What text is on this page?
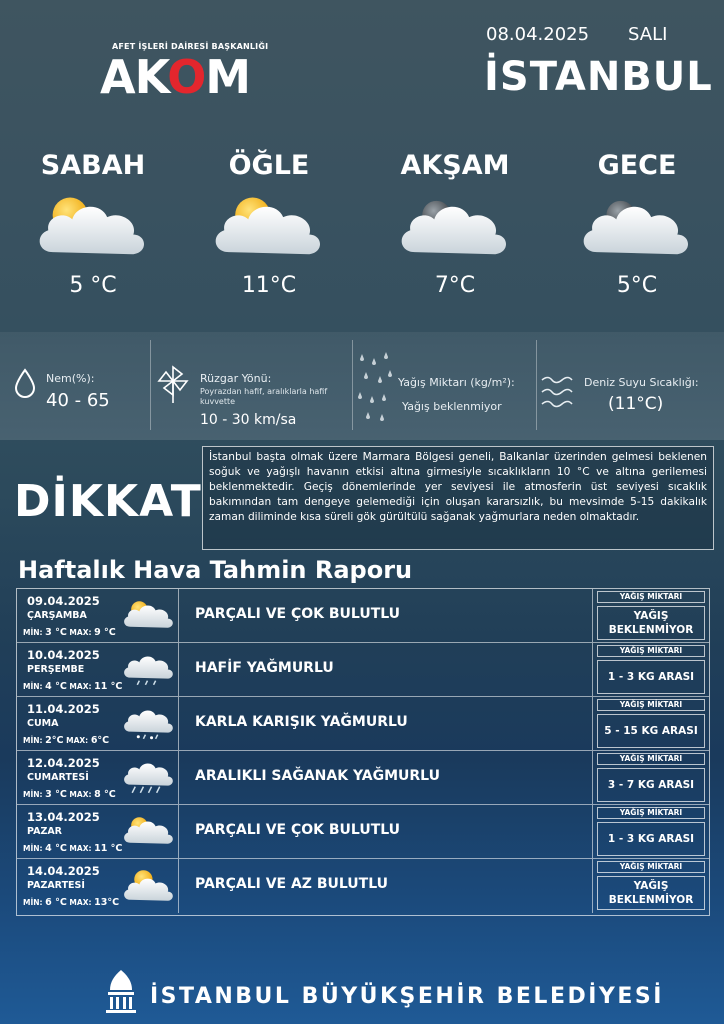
AFET İŞLERİ DAİRESİ BAŞKANLIĞI
AKOM
08.04.2025 SALI
İSTANBUL
SABAH
5 °C
ÖĞLE
11°C
AKŞAM
7°C
GECE
5°C
Nem(%):
40 - 65
Rüzgar Yönü:
Poyrazdan hafif, aralıklarla hafif kuvvette
10 - 30 km/sa
Yağış Miktarı (kg/m²):
Yağış beklenmiyor
Deniz Suyu Sıcaklığı:
(11°C)
DİKKAT
İstanbul başta olmak üzere Marmara Bölgesi geneli, Balkanlar üzerinden gelmesi beklenen soğuk ve yağışlı havanın etkisi altına girmesiyle sıcaklıkların 10 °C ve altına gerilemesi beklenmektedir. Geçiş dönemlerinde yer seviyesi ile atmosferin üst seviyesi sıcaklık bakımından tam dengeye gelemediği için oluşan kararsızlık, bu mevsimde 5-15 dakikalık zaman diliminde kısa süreli gök gürültülü sağanak yağmurlara neden olmaktadır.
Haftalık Hava Tahmin Raporu
09.04.2025
ÇARŞAMBA
MİN: 3 °C MAX: 9 °C
PARÇALI VE ÇOK BULUTLU
YAĞIŞ MİKTARI
YAĞIŞ
BEKLENMİYOR
10.04.2025
PERŞEMBE
MİN: 4 °C MAX: 11 °C
HAFİF YAĞMURLU
YAĞIŞ MİKTARI
1 - 3 KG ARASI
11.04.2025
CUMA
MİN: 2°C MAX: 6°C
KARLA KARIŞIK YAĞMURLU
YAĞIŞ MİKTARI
5 - 15 KG ARASI
12.04.2025
CUMARTESİ
MİN: 3 °C MAX: 8 °C
ARALIKLI SAĞANAK YAĞMURLU
YAĞIŞ MİKTARI
3 - 7 KG ARASI
13.04.2025
PAZAR
MİN: 4 °C MAX: 11 °C
PARÇALI VE ÇOK BULUTLU
YAĞIŞ MİKTARI
1 - 3 KG ARASI
14.04.2025
PAZARTESİ
MİN: 6 °C MAX: 13°C
PARÇALI VE AZ BULUTLU
YAĞIŞ MİKTARI
YAĞIŞ
BEKLENMİYOR
İSTANBUL BÜYÜKŞEHİR BELEDİYESİ
